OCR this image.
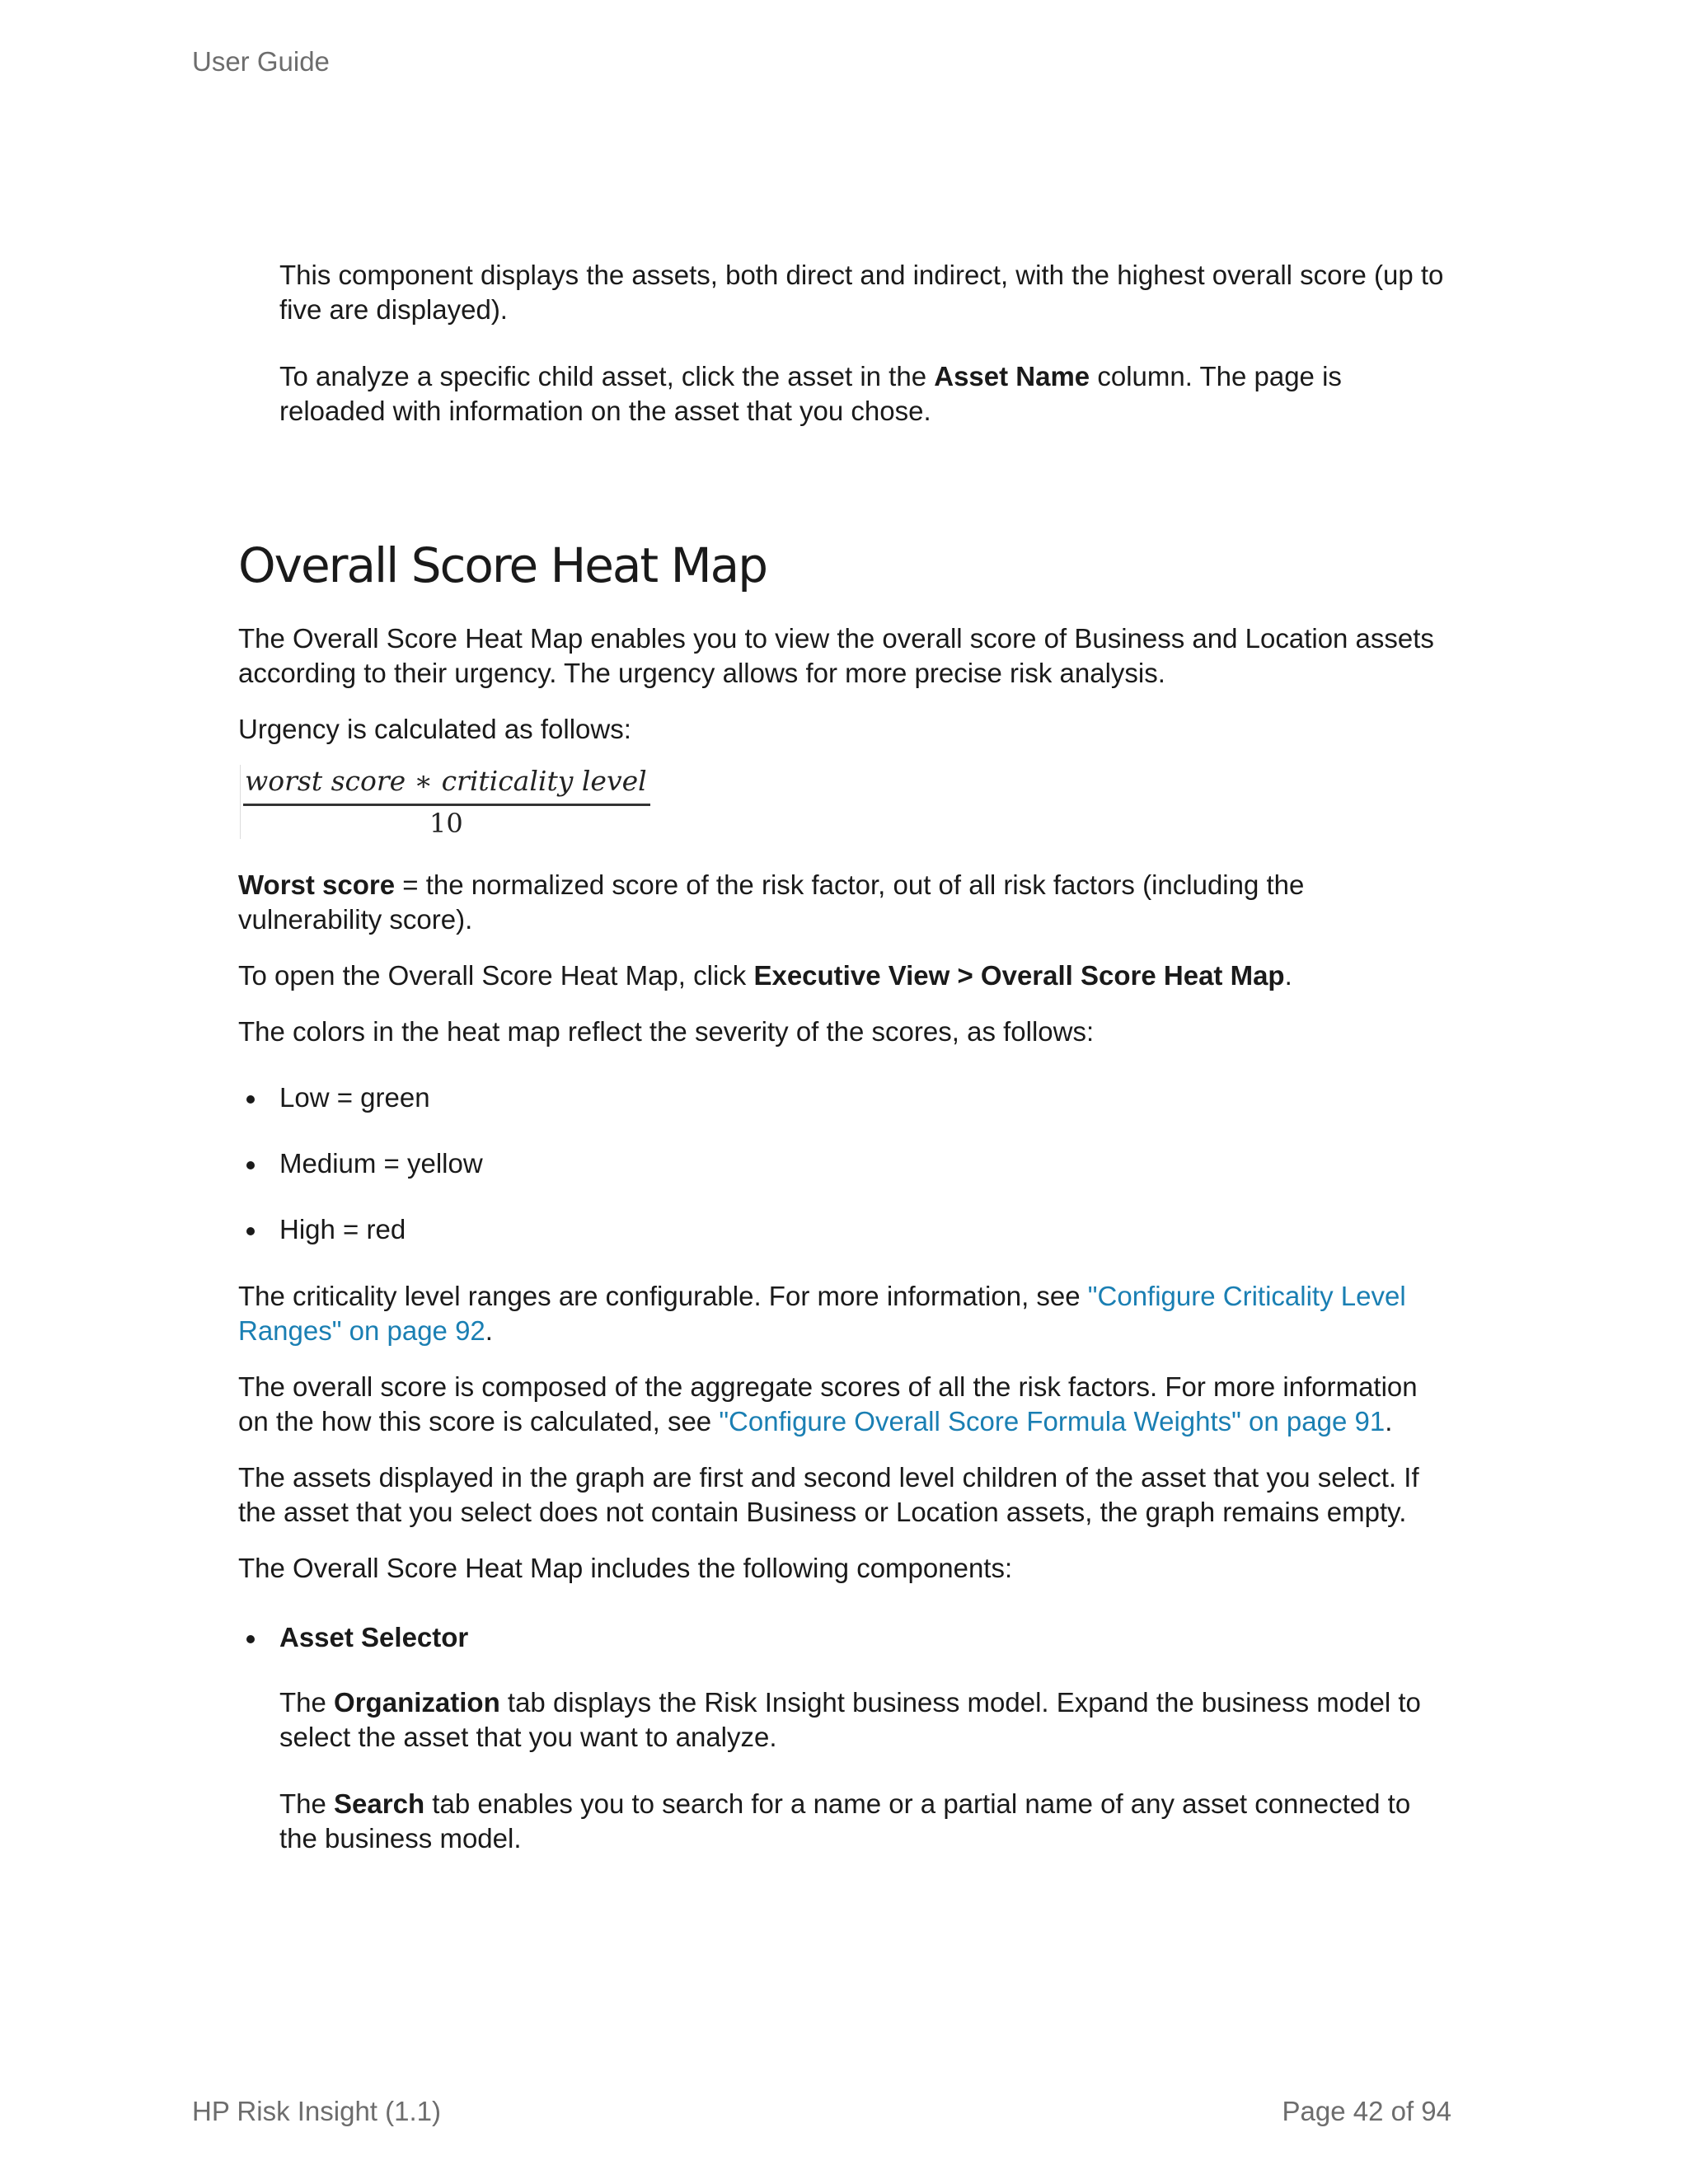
User Guide

This component displays the assets, both direct and indirect, with the highest overall score (up to five are displayed).

To analyze a specific child asset, click the asset in the Asset Name column. The page is reloaded with information on the asset that you chose.

Overall Score Heat Map

The Overall Score Heat Map enables you to view the overall score of Business and Location assets according to their urgency. The urgency allows for more precise risk analysis.

Urgency is calculated as follows:

worst score ∗ criticality level
10

Worst score = the normalized score of the risk factor, out of all risk factors (including the vulnerability score).

To open the Overall Score Heat Map, click Executive View > Overall Score Heat Map.

The colors in the heat map reflect the severity of the scores, as follows:

Low = green

Medium = yellow

High = red

The criticality level ranges are configurable. For more information, see "Configure Criticality Level Ranges" on page 92.

The overall score is composed of the aggregate scores of all the risk factors. For more information on the how this score is calculated, see "Configure Overall Score Formula Weights" on page 91.

The assets displayed in the graph are first and second level children of the asset that you select. If the asset that you select does not contain Business or Location assets, the graph remains empty.

The Overall Score Heat Map includes the following components:

Asset Selector

The Organization tab displays the Risk Insight business model. Expand the business model to select the asset that you want to analyze.

The Search tab enables you to search for a name or a partial name of any asset connected to the business model.

HP Risk Insight (1.1)	Page 42 of 94
